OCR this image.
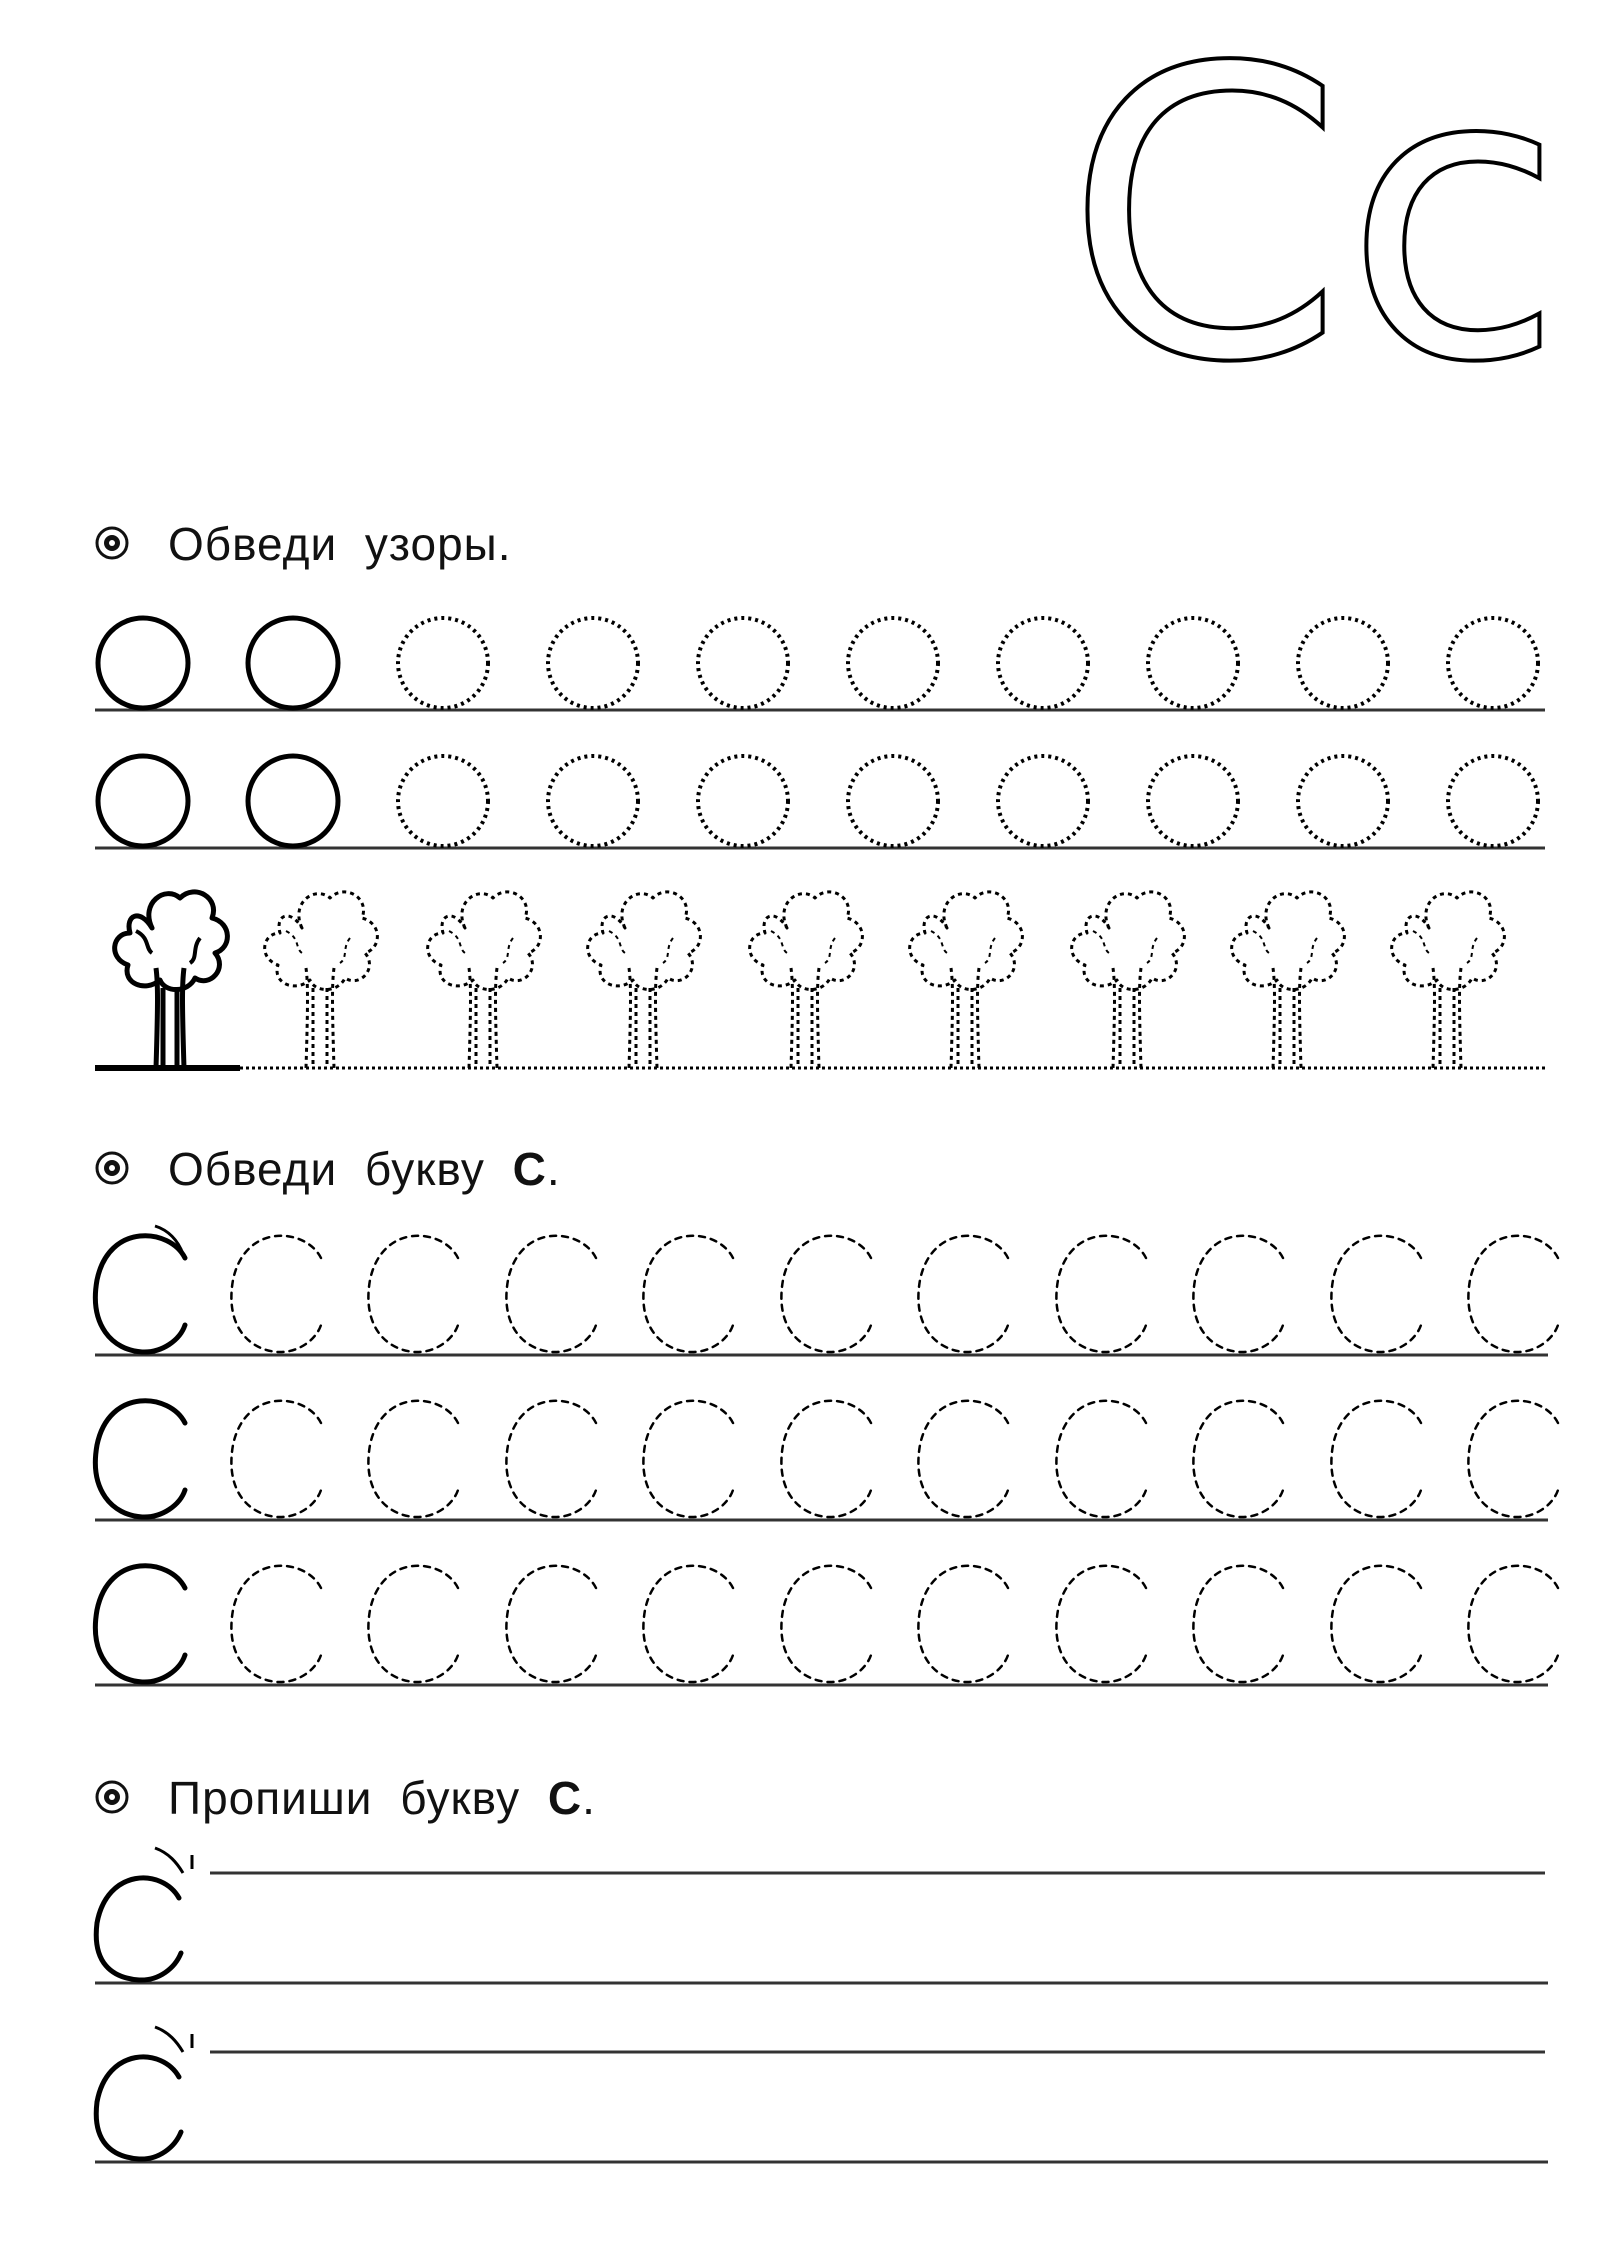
Сс
Обведи узоры.
Обведи букву С.
Пропиши букву С.
